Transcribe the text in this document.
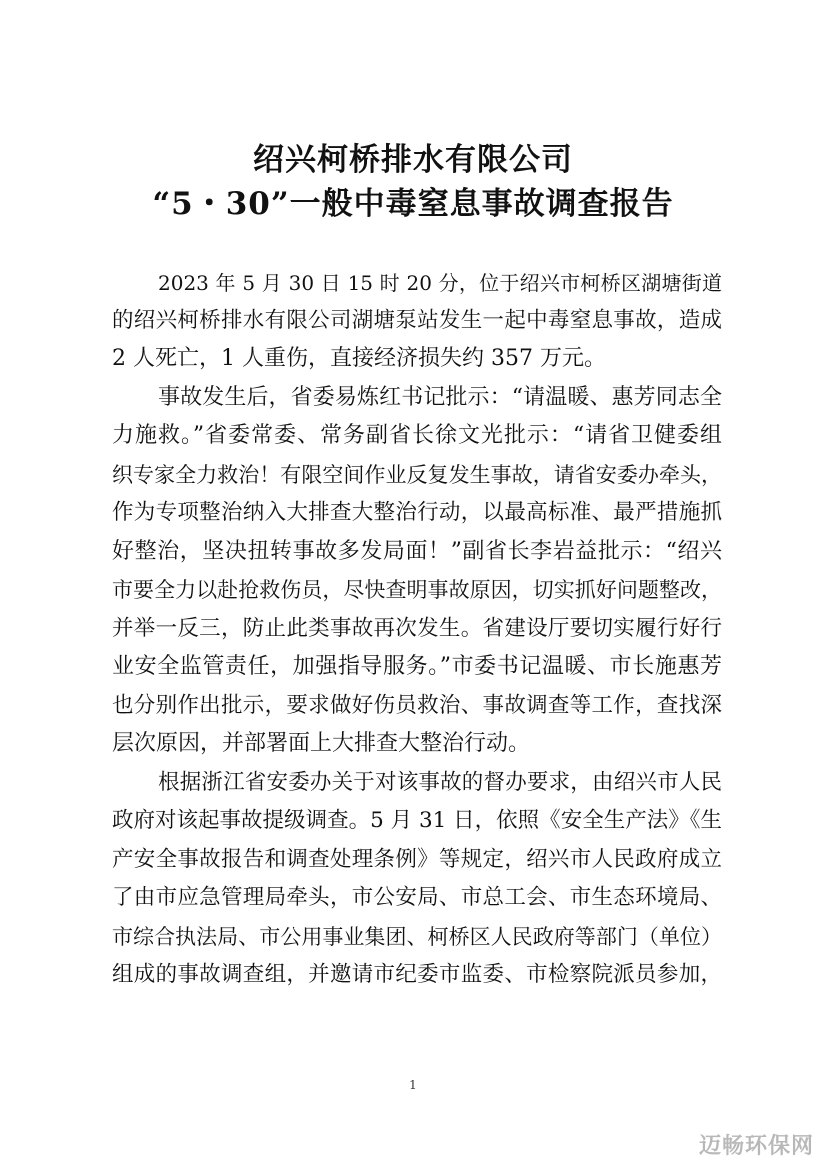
绍兴柯桥排水有限公司
“5・30”一般中毒窒息事故调查报告
2023 年 5 月 30 日 15 时 20 分，位于绍兴市柯桥区湖塘街道
的绍兴柯桥排水有限公司湖塘泵站发生一起中毒窒息事故，造成
2 人死亡，1 人重伤，直接经济损失约 357 万元。
事故发生后，省委易炼红书记批示：“请温暖、惠芳同志全
力施救。”省委常委、常务副省长徐文光批示：“请省卫健委组
织专家全力救治！有限空间作业反复发生事故，请省安委办牵头，
作为专项整治纳入大排查大整治行动，以最高标准、最严措施抓
好整治，坚决扭转事故多发局面！”副省长李岩益批示：“绍兴
市要全力以赴抢救伤员，尽快查明事故原因，切实抓好问题整改，
并举一反三，防止此类事故再次发生。省建设厅要切实履行好行
业安全监管责任，加强指导服务。”市委书记温暖、市长施惠芳
也分别作出批示，要求做好伤员救治、事故调查等工作，查找深
层次原因，并部署面上大排查大整治行动。
根据浙江省安委办关于对该事故的督办要求，由绍兴市人民
政府对该起事故提级调查。5 月 31 日，依照《安全生产法》《生
产安全事故报告和调查处理条例》等规定，绍兴市人民政府成立
了由市应急管理局牵头，市公安局、市总工会、市生态环境局、
市综合执法局、市公用事业集团、柯桥区人民政府等部门（单位）
组成的事故调查组，并邀请市纪委市监委、市检察院派员参加，
1
迈畅环保网
